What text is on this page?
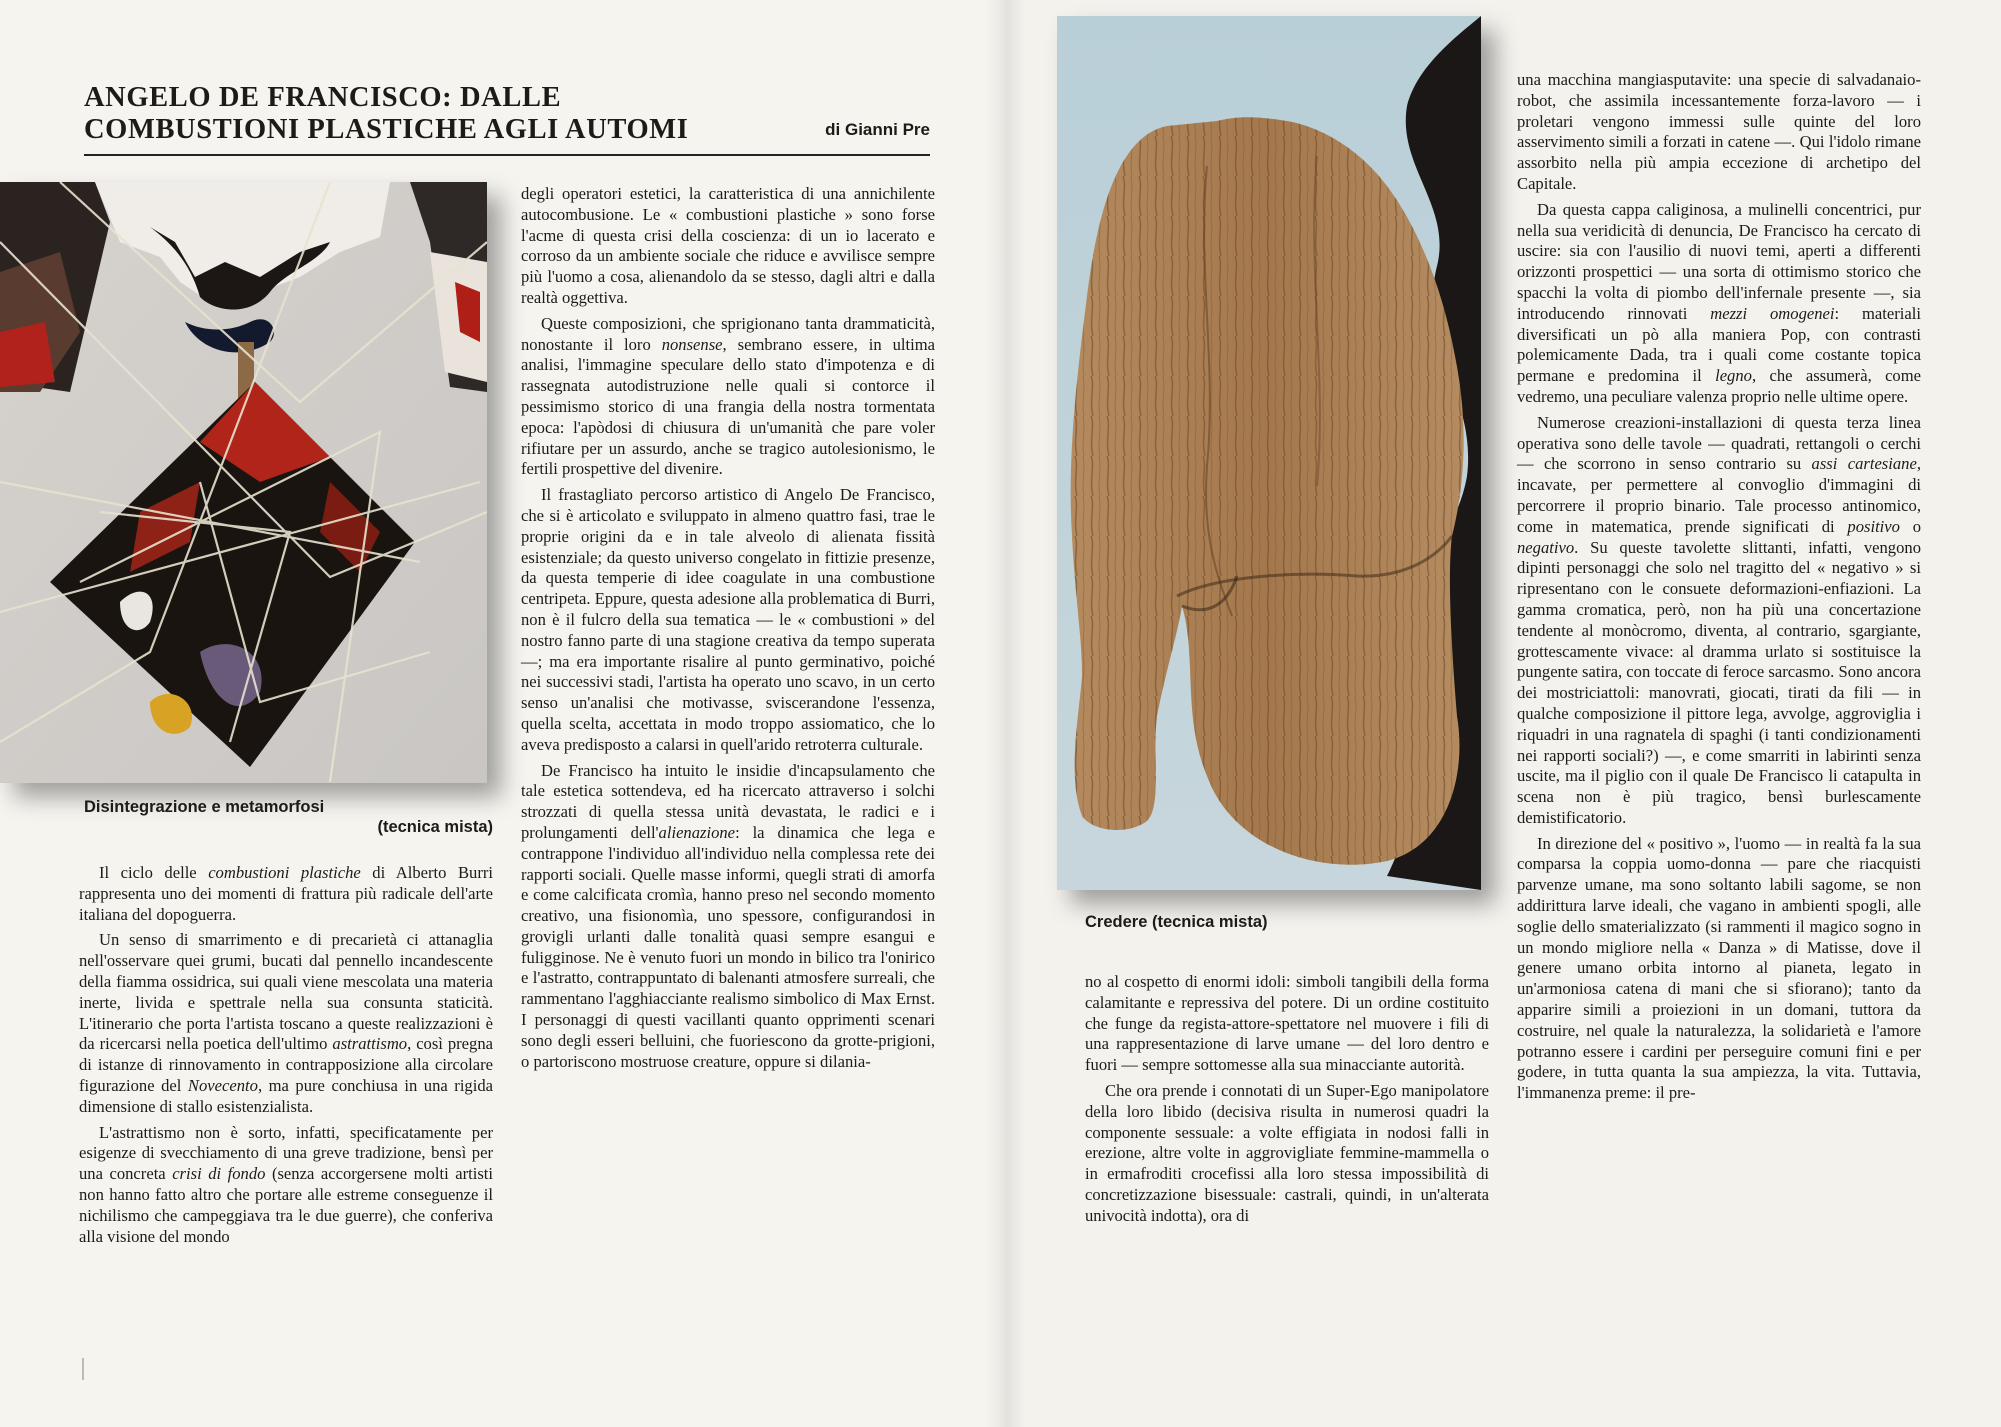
ANGELO DE FRANCISCO: DALLE
COMBUSTIONI PLASTICHE AGLI AUTOMI	di Gianni Pre
Disintegrazione e metamorfosi
(tecnica mista)
Credere (tecnica mista)

Il ciclo delle combustioni plastiche di Alberto Burri rappresenta uno dei momenti di frattura più radicale dell'arte italiana del dopoguerra.

Un senso di smarrimento e di precarietà ci attanaglia nell'osservare quei grumi, bucati dal pennello incandescente della fiamma ossidrica, sui quali viene mescolata una materia inerte, livida e spettrale nella sua consunta staticità. L'itinerario che porta l'artista toscano a queste realizzazioni è da ricercarsi nella poetica dell'ultimo astrattismo, così pregna di istanze di rinnovamento in contrapposizione alla circolare figurazione del Novecento, ma pure conchiusa in una rigida dimensione di stallo esistenzialista.

L'astrattismo non è sorto, infatti, specificatamente per esigenze di svecchiamento di una greve tradizione, bensì per una concreta crisi di fondo (senza accorgersene molti artisti non hanno fatto altro che portare alle estreme conseguenze il nichilismo che campeggiava tra le due guerre), che conferiva alla visione del mondo

degli operatori estetici, la caratteristica di una annichilente autocombusione. Le « combustioni plastiche » sono forse l'acme di questa crisi della coscienza: di un io lacerato e corroso da un ambiente sociale che riduce e avvilisce sempre più l'uomo a cosa, alienandolo da se stesso, dagli altri e dalla realtà oggettiva.

Queste composizioni, che sprigionano tanta drammaticità, nonostante il loro nonsense, sembrano essere, in ultima analisi, l'immagine speculare dello stato d'impotenza e di rassegnata autodistruzione nelle quali si contorce il pessimismo storico di una frangia della nostra tormentata epoca: l'apòdosi di chiusura di un'umanità che pare voler rifiutare per un assurdo, anche se tragico autolesionismo, le fertili prospettive del divenire.

Il frastagliato percorso artistico di Angelo De Francisco, che si è articolato e sviluppato in almeno quattro fasi, trae le proprie origini da e in tale alveolo di alienata fissità esistenziale; da questo universo congelato in fittizie presenze, da questa temperie di idee coagulate in una combustione centripeta. Eppure, questa adesione alla problematica di Burri, non è il fulcro della sua tematica — le « combustioni » del nostro fanno parte di una stagione creativa da tempo superata —; ma era importante risalire al punto germinativo, poiché nei successivi stadi, l'artista ha operato uno scavo, in un certo senso un'analisi che motivasse, sviscerandone l'essenza, quella scelta, accettata in modo troppo assiomatico, che lo aveva predisposto a calarsi in quell'arido retroterra culturale.

De Francisco ha intuito le insidie d'incapsulamento che tale estetica sottendeva, ed ha ricercato attraverso i solchi strozzati di quella stessa unità devastata, le radici e i prolungamenti dell'alienazione: la dinamica che lega e contrappone l'individuo all'individuo nella complessa rete dei rapporti sociali. Quelle masse informi, quegli strati di amorfa e come calcificata cromìa, hanno preso nel secondo momento creativo, una fisionomìa, uno spessore, configurandosi in grovigli urlanti dalle tonalità quasi sempre esangui e fuligginose. Ne è venuto fuori un mondo in bilico tra l'onirico e l'astratto, contrappuntato di balenanti atmosfere surreali, che rammentano l'agghiacciante realismo simbolico di Max Ernst. I personaggi di questi vacillanti quanto opprimenti scenari sono degli esseri belluini, che fuoriescono da grotte-prigioni, o partoriscono mostruose creature, oppure si dilania-

no al cospetto di enormi idoli: simboli tangibili della forma calamitante e repressiva del potere. Di un ordine costituito che funge da regista-attore-spettatore nel muovere i fili di una rappresentazione di larve umane — del loro dentro e fuori — sempre sottomesse alla sua minacciante autorità.

Che ora prende i connotati di un Super-Ego manipolatore della loro libido (decisiva risulta in numerosi quadri la componente sessuale: a volte effigiata in nodosi falli in erezione, altre volte in aggrovigliate femmine-mammella o in ermafroditi crocefissi alla loro stessa impossibilità di concretizzazione bisessuale: castrali, quindi, in un'alterata univocità indotta), ora di

una macchina mangiasputavite: una specie di salvadanaio-robot, che assimila incessantemente forza-lavoro — i proletari vengono immessi sulle quinte del loro asservimento simili a forzati in catene —. Qui l'idolo rimane assorbito nella più ampia eccezione di archetipo del Capitale.

Da questa cappa caliginosa, a mulinelli concentrici, pur nella sua veridicità di denuncia, De Francisco ha cercato di uscire: sia con l'ausilio di nuovi temi, aperti a differenti orizzonti prospettici — una sorta di ottimismo storico che spacchi la volta di piombo dell'infernale presente —, sia introducendo rinnovati mezzi omogenei: materiali diversificati un pò alla maniera Pop, con contrasti polemicamente Dada, tra i quali come costante topica permane e predomina il legno, che assumerà, come vedremo, una peculiare valenza proprio nelle ultime opere.

Numerose creazioni-installazioni di questa terza linea operativa sono delle tavole — quadrati, rettangoli o cerchi — che scorrono in senso contrario su assi cartesiane, incavate, per permettere al convoglio d'immagini di percorrere il proprio binario. Tale processo antinomico, come in matematica, prende significati di positivo o negativo. Su queste tavolette slittanti, infatti, vengono dipinti personaggi che solo nel tragitto del « negativo » si ripresentano con le consuete deformazioni-enfiazioni. La gamma cromatica, però, non ha più una concertazione tendente al monòcromo, diventa, al contrario, sgargiante, grottescamente vivace: al dramma urlato si sostituisce la pungente satira, con toccate di feroce sarcasmo. Sono ancora dei mostriciattoli: manovrati, giocati, tirati da fili — in qualche composizione il pittore lega, avvolge, aggroviglia i riquadri in una ragnatela di spaghi (i tanti condizionamenti nei rapporti sociali?) —, e come smarriti in labirinti senza uscite, ma il piglio con il quale De Francisco li catapulta in scena non è più tragico, bensì burlescamente demistificatorio.

In direzione del « positivo », l'uomo — in realtà fa la sua comparsa la coppia uomo-donna — pare che riacquisti parvenze umane, ma sono soltanto labili sagome, se non addirittura larve ideali, che vagano in ambienti spogli, alle soglie dello smaterializzato (si rammenti il magico sogno in un mondo migliore nella « Danza » di Matisse, dove il genere umano orbita intorno al pianeta, legato in un'armoniosa catena di mani che si sfiorano); tanto da apparire simili a proiezioni in un domani, tuttora da costruire, nel quale la naturalezza, la solidarietà e l'amore potranno essere i cardini per perseguire comuni fini e per godere, in tutta quanta la sua ampiezza, la vita. Tuttavia, l'immanenza preme: il pre-
